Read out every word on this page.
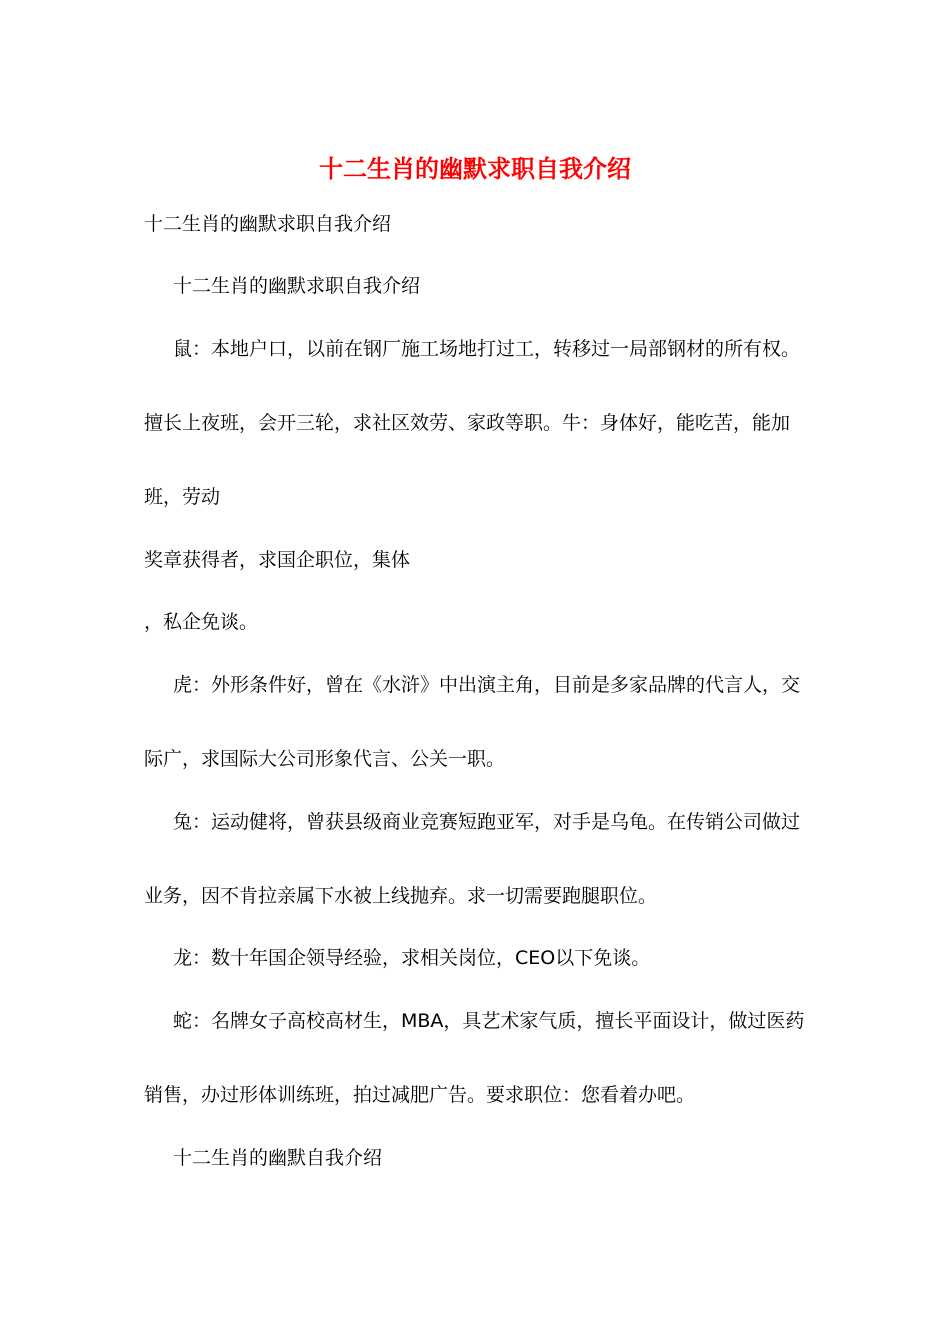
十二生肖的幽默求职自我介绍
十二生肖的幽默求职自我介绍
十二生肖的幽默求职自我介绍
鼠：本地户口，以前在钢厂施工场地打过工，转移过一局部钢材的所有权。
擅长上夜班，会开三轮，求社区效劳、家政等职。牛：身体好，能吃苦，能加
班，劳动
奖章获得者，求国企职位，集体
，私企免谈。
虎：外形条件好，曾在《水浒》中出演主角，目前是多家品牌的代言人，交
际广，求国际大公司形象代言、公关一职。
兔：运动健将，曾获县级商业竞赛短跑亚军，对手是乌龟。在传销公司做过
业务，因不肯拉亲属下水被上线抛弃。求一切需要跑腿职位。
龙：数十年国企领导经验，求相关岗位，CEO以下免谈。
蛇：名牌女子高校高材生，MBA，具艺术家气质，擅长平面设计，做过医药
销售，办过形体训练班，拍过减肥广告。要求职位：您看着办吧。
十二生肖的幽默自我介绍
